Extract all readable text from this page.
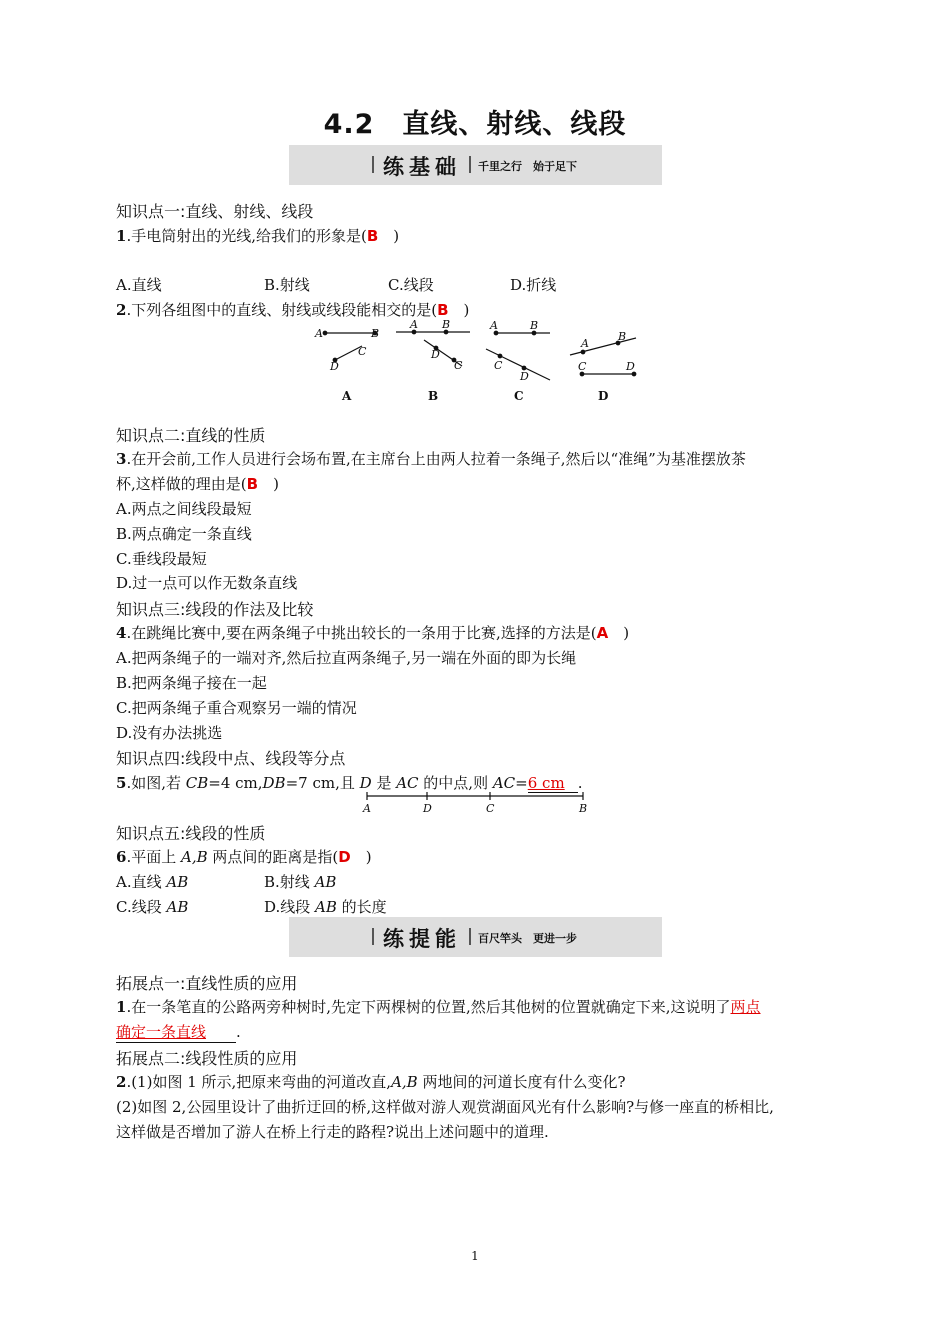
4.2　直线、射线、线段
练基础 千里之行　始于足下
知识点一:直线、射线、线段
1.手电筒射出的光线,给我们的形象是(B　)
A.直线	B.射线	C.线段	D.折线
2.下列各组图中的直线、射线或线段能相交的是(B　)
A	B
D
C
A B
D
C
A	B
C
D
A
B
C	D
A	B	C	D
知识点二:直线的性质
3.在开会前,工作人员进行会场布置,在主席台上由两人拉着一条绳子,然后以“准绳”为基准摆放茶
杯,这样做的理由是(B　)
A.两点之间线段最短
B.两点确定一条直线
C.垂线段最短
D.过一点可以作无数条直线
知识点三:线段的作法及比较
4.在跳绳比赛中,要在两条绳子中挑出较长的一条用于比赛,选择的方法是(A　)
A.把两条绳子的一端对齐,然后拉直两条绳子,另一端在外面的即为长绳
B.把两条绳子接在一起
C.把两条绳子重合观察另一端的情况
D.没有办法挑选
知识点四:线段中点、线段等分点
5.如图,若 CB=4 cm,DB=7 cm,且 D 是 AC 的中点,则 AC=6 cm .
A	D	C	B
知识点五:线段的性质
6.平面上 A,B 两点间的距离是指(D　)
A.直线 AB	B.射线 AB
C.线段 AB	D.线段 AB 的长度
练提能 百尺竿头　更进一步
拓展点一:直线性质的应用
1.在一条笔直的公路两旁种树时,先定下两棵树的位置,然后其他树的位置就确定下来,这说明了两点
确定一条直线 .
拓展点二:线段性质的应用
2.(1)如图 1 所示,把原来弯曲的河道改直,A,B 两地间的河道长度有什么变化?
(2)如图 2,公园里设计了曲折迂回的桥,这样做对游人观赏湖面风光有什么影响?与修一座直的桥相比,
这样做是否增加了游人在桥上行走的路程?说出上述问题中的道理.
1
